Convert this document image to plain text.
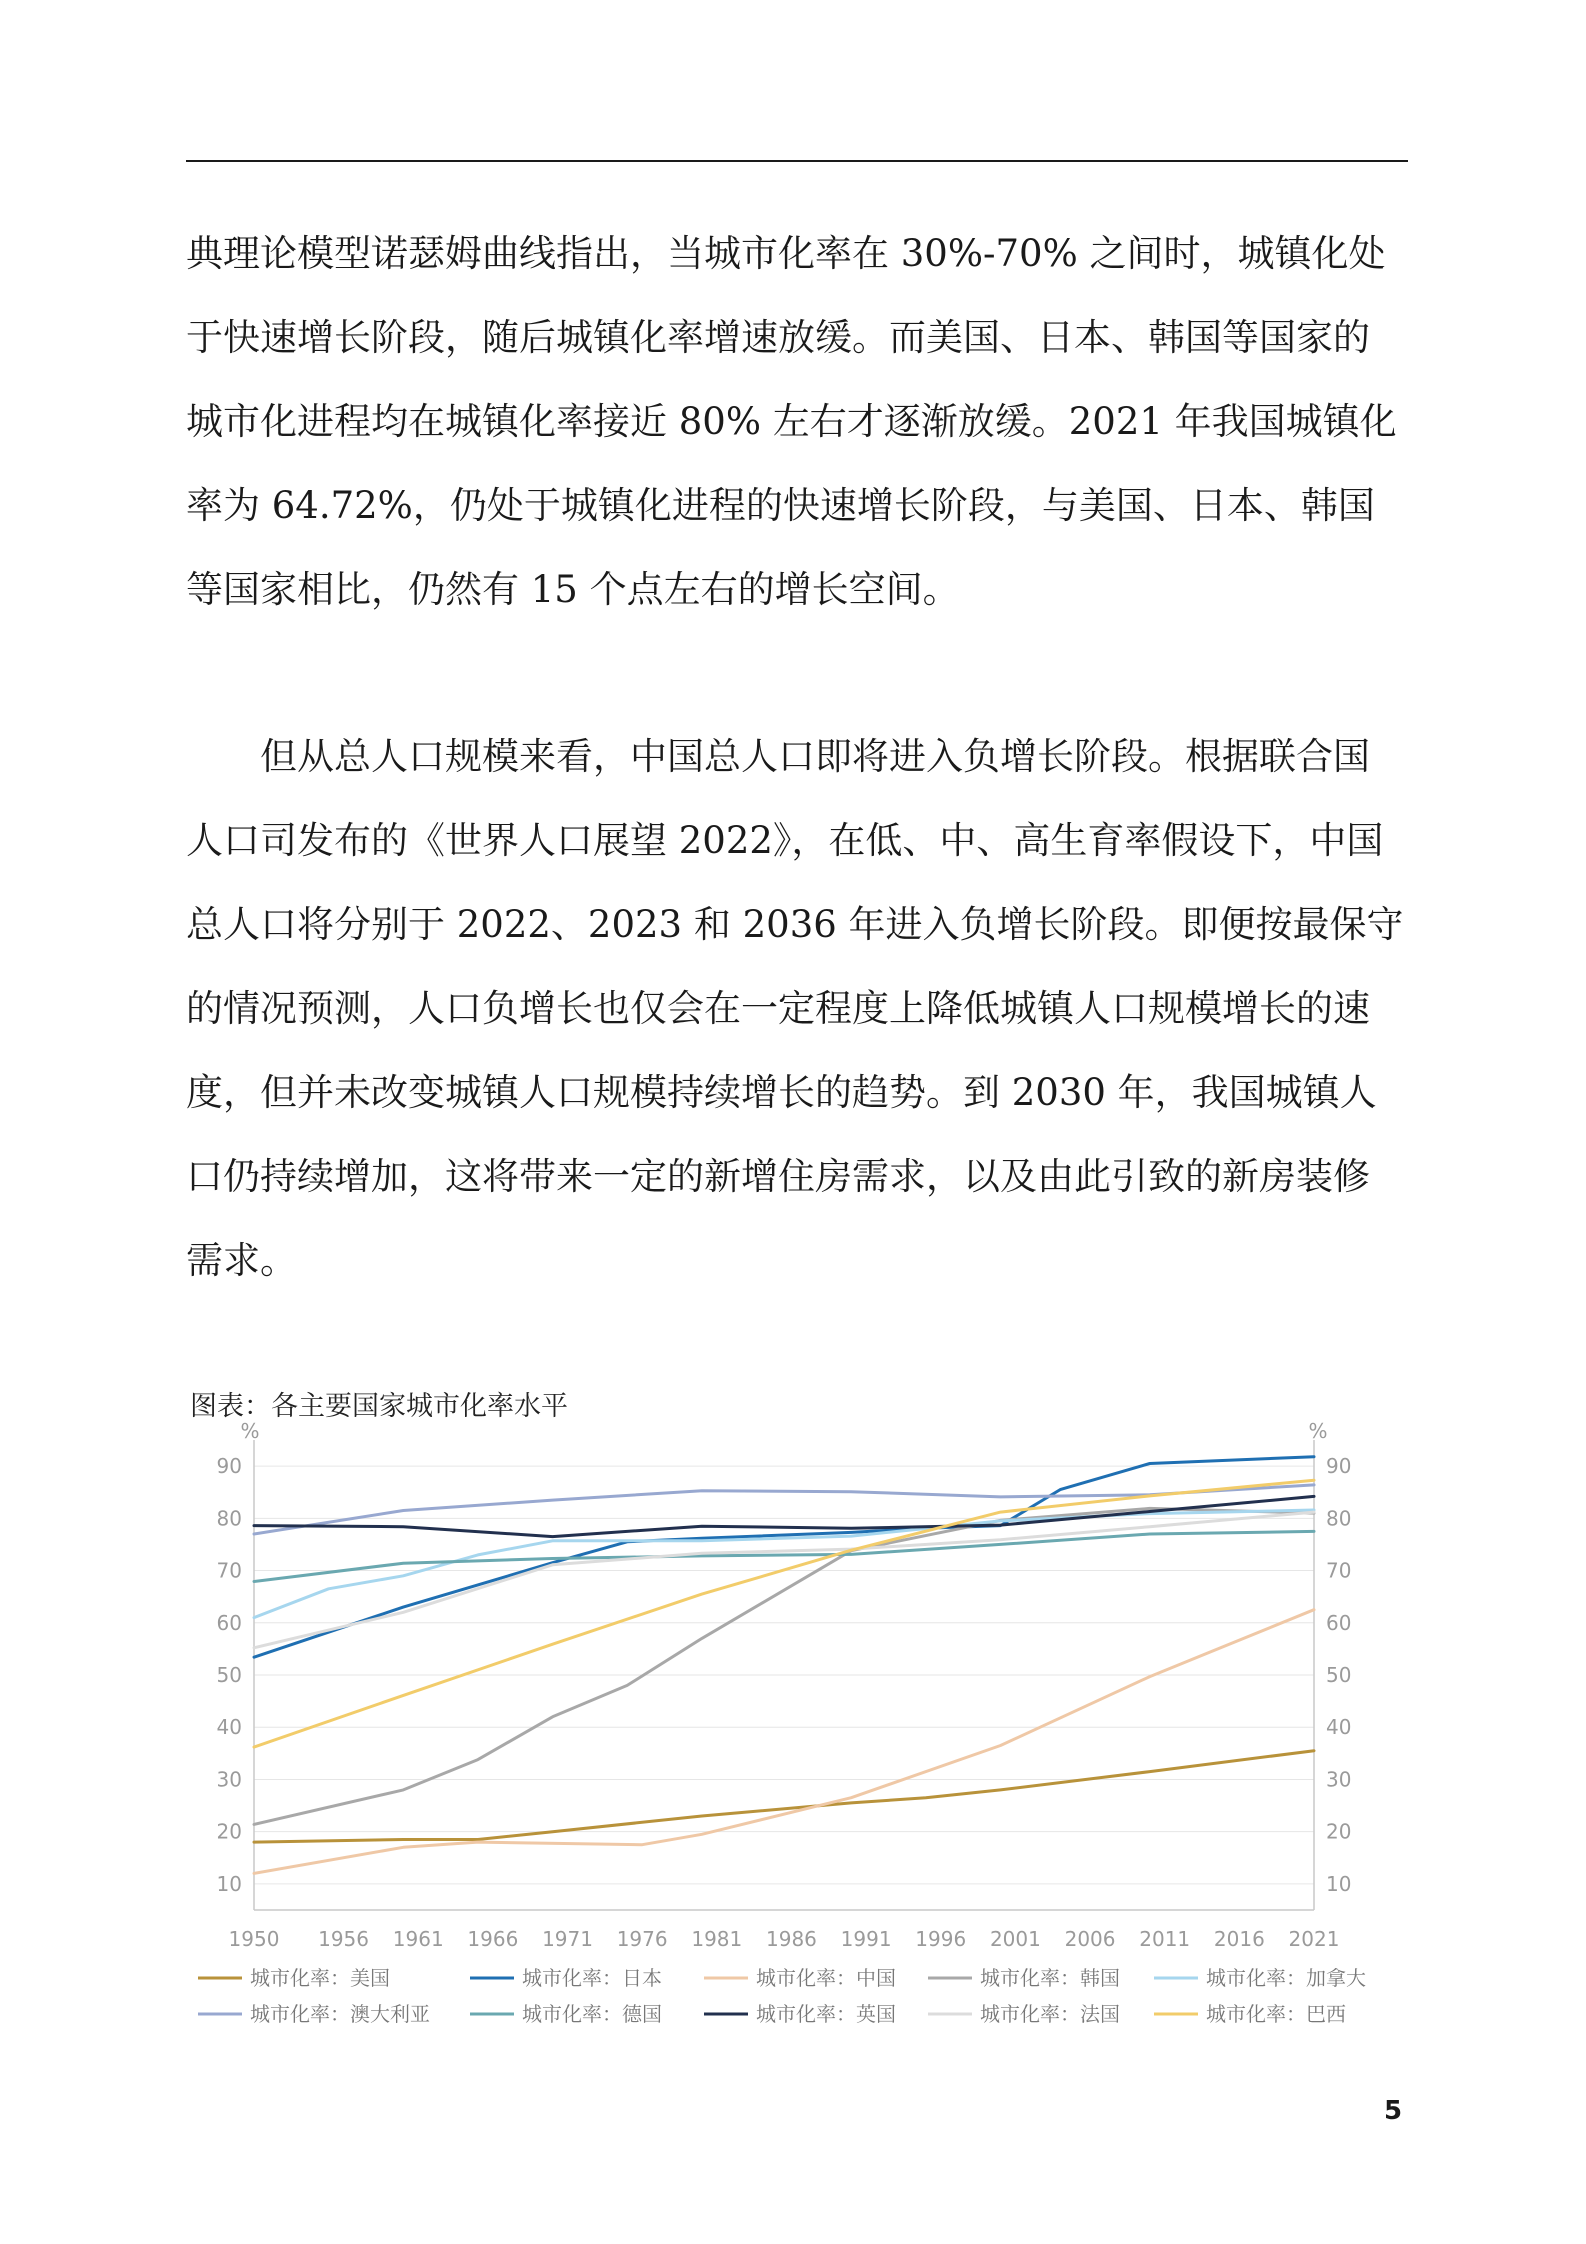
典理论模型诺瑟姆曲线指出，当城市化率在 30%-70% 之间时，城镇化处

于快速增长阶段，随后城镇化率增速放缓。而美国、日本、韩国等国家的

城市化进程均在城镇化率接近 80% 左右才逐渐放缓。2021 年我国城镇化

率为 64.72%，仍处于城镇化进程的快速增长阶段，与美国、日本、韩国

等国家相比，仍然有 15 个点左右的增长空间。

但从总人口规模来看，中国总人口即将进入负增长阶段。根据联合国

人口司发布的《世界人口展望 2022》，在低、中、高生育率假设下，中国

总人口将分别于 2022、2023 和 2036 年进入负增长阶段。即便按最保守

的情况预测，人口负增长也仅会在一定程度上降低城镇人口规模增长的速

度，但并未改变城镇人口规模持续增长的趋势。到 2030 年，我国城镇人

口仍持续增加，这将带来一定的新增住房需求，以及由此引致的新房装修

需求。

图表：各主要国家城市化率水平
10	10
20	20
30	30
40	40
50	50
60	60
70	70
80	80
90	90
%	%
1950 1956 1961 1966 1971 1976 1981 1986 1991 1996 2001 2006 2011 2016 2021
城市化率：美国	城市化率：日本	城市化率：中国	城市化率：韩国	城市化率：加拿大
城市化率：澳大利亚	城市化率：德国	城市化率：英国	城市化率：法国	城市化率：巴西
5
